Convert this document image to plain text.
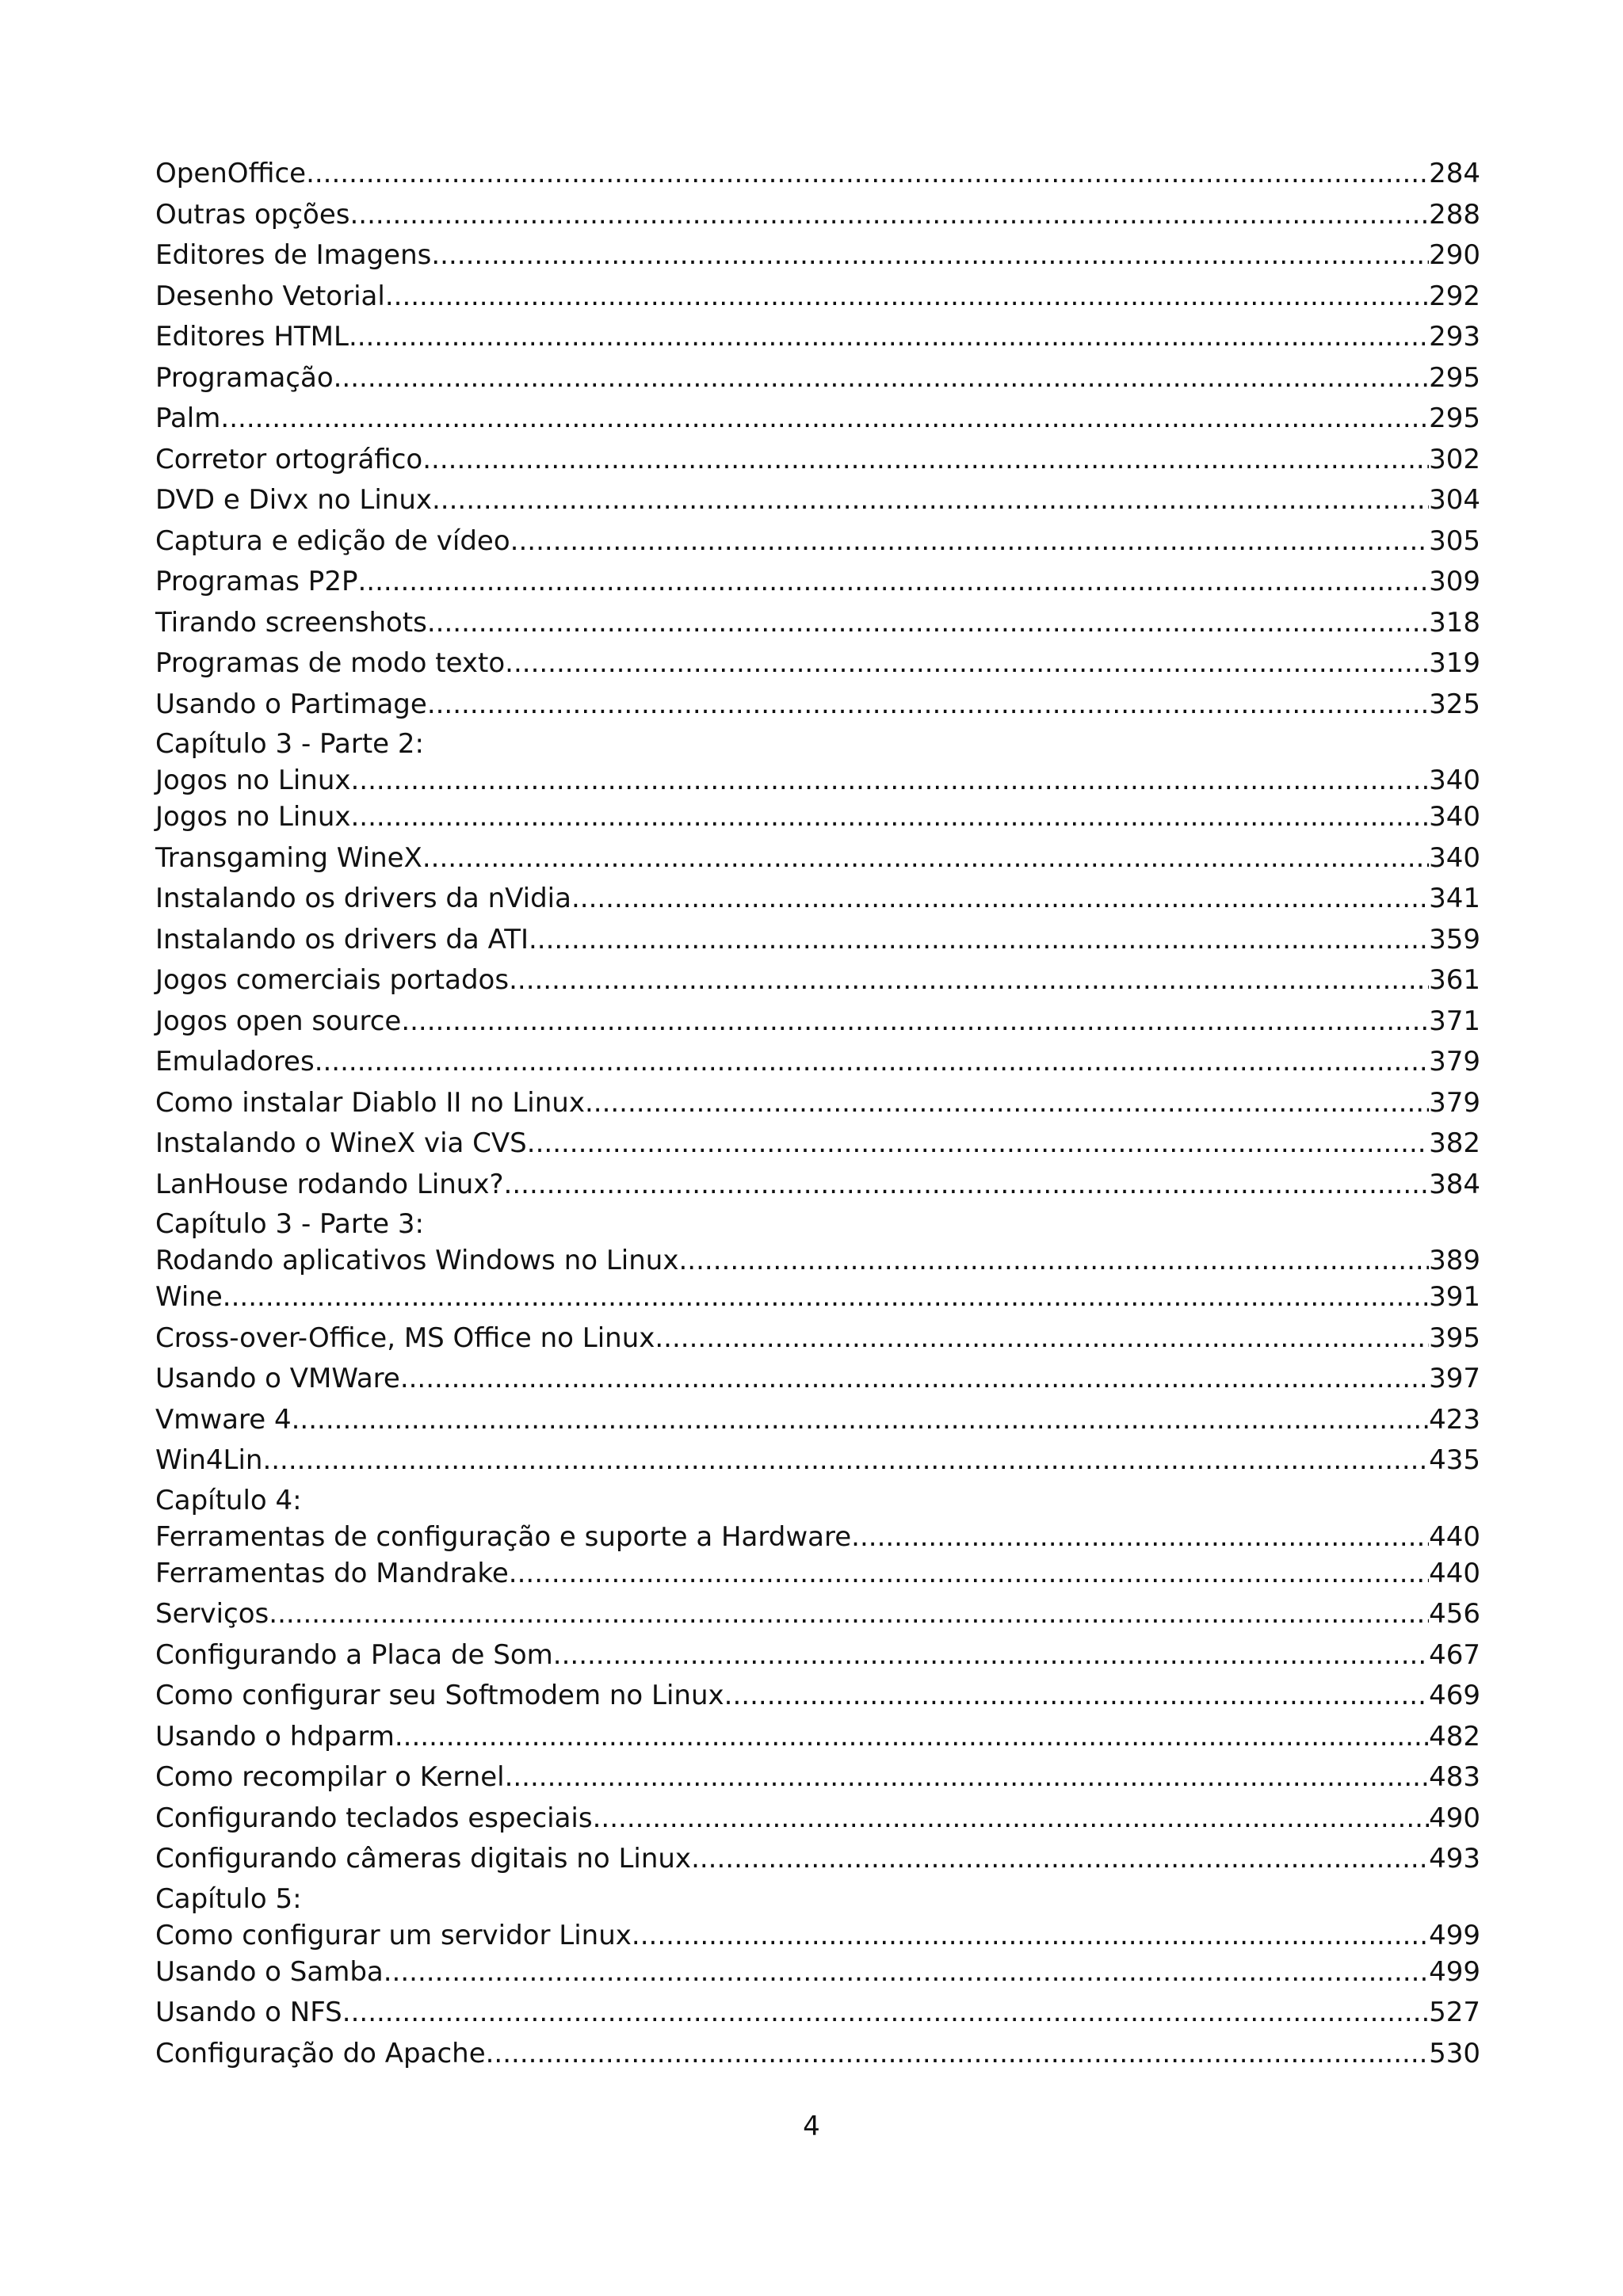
OpenOffice .....	284
Outras opções .....	288
Editores de Imagens .....	290
Desenho Vetorial .....	292
Editores HTML .....	293
Programação .....	295
Palm .....	295
Corretor ortográfico .....	302
DVD e Divx no Linux .....	304
Captura e edição de vídeo .....	305
Programas P2P .....	309
Tirando screenshots .....	318
Programas de modo texto .....	319
Usando o Partimage .....	325
Capítulo 3 - Parte 2:
Jogos no Linux .....	340
Jogos no Linux .....	340
Transgaming WineX .....	340
Instalando os drivers da nVidia .....	341
Instalando os drivers da ATI .....	359
Jogos comerciais portados .....	361
Jogos open source .....	371
Emuladores .....	379
Como instalar Diablo II no Linux .....	379
Instalando o WineX via CVS .....	382
LanHouse rodando Linux? .....	384
Capítulo 3 - Parte 3:
Rodando aplicativos Windows no Linux .....	389
Wine .....	391
Cross-over-Office, MS Office no Linux .....	395
Usando o VMWare .....	397
Vmware 4 .....	423
Win4Lin .....	435
Capítulo 4:
Ferramentas de configuração e suporte a Hardware .....	440
Ferramentas do Mandrake .....	440
Serviços .....	456
Configurando a Placa de Som .....	467
Como configurar seu Softmodem no Linux .....	469
Usando o hdparm .....	482
Como recompilar o Kernel .....	483
Configurando teclados especiais .....	490
Configurando câmeras digitais no Linux .....	493
Capítulo 5:
Como configurar um servidor Linux .....	499
Usando o Samba .....	499
Usando o NFS .....	527
Configuração do Apache .....	530
4
